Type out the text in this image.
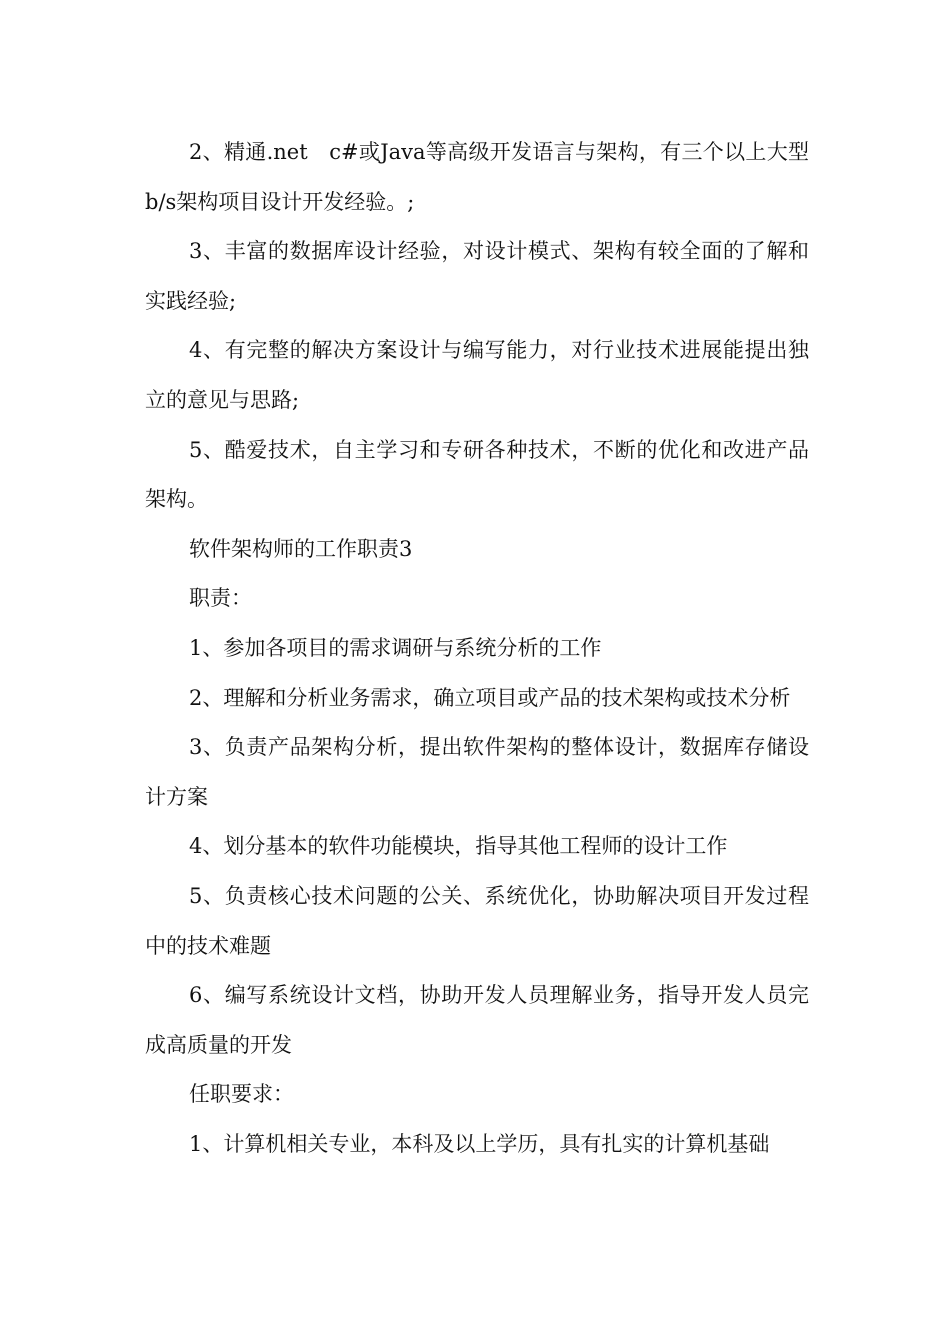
2、精通.net　c#或Java等高级开发语言与架构，有三个以上大型b/s架构项目设计开发经验。;

3、丰富的数据库设计经验，对设计模式、架构有较全面的了解和实践经验;

4、有完整的解决方案设计与编写能力，对行业技术进展能提出独立的意见与思路;

5、酷爱技术，自主学习和专研各种技术，不断的优化和改进产品架构。

软件架构师的工作职责3

职责：

1、参加各项目的需求调研与系统分析的工作

2、理解和分析业务需求，确立项目或产品的技术架构或技术分析

3、负责产品架构分析，提出软件架构的整体设计，数据库存储设计方案

4、划分基本的软件功能模块，指导其他工程师的设计工作

5、负责核心技术问题的公关、系统优化，协助解决项目开发过程中的技术难题

6、编写系统设计文档，协助开发人员理解业务，指导开发人员完成高质量的开发

任职要求：

1、计算机相关专业，本科及以上学历，具有扎实的计算机基础
